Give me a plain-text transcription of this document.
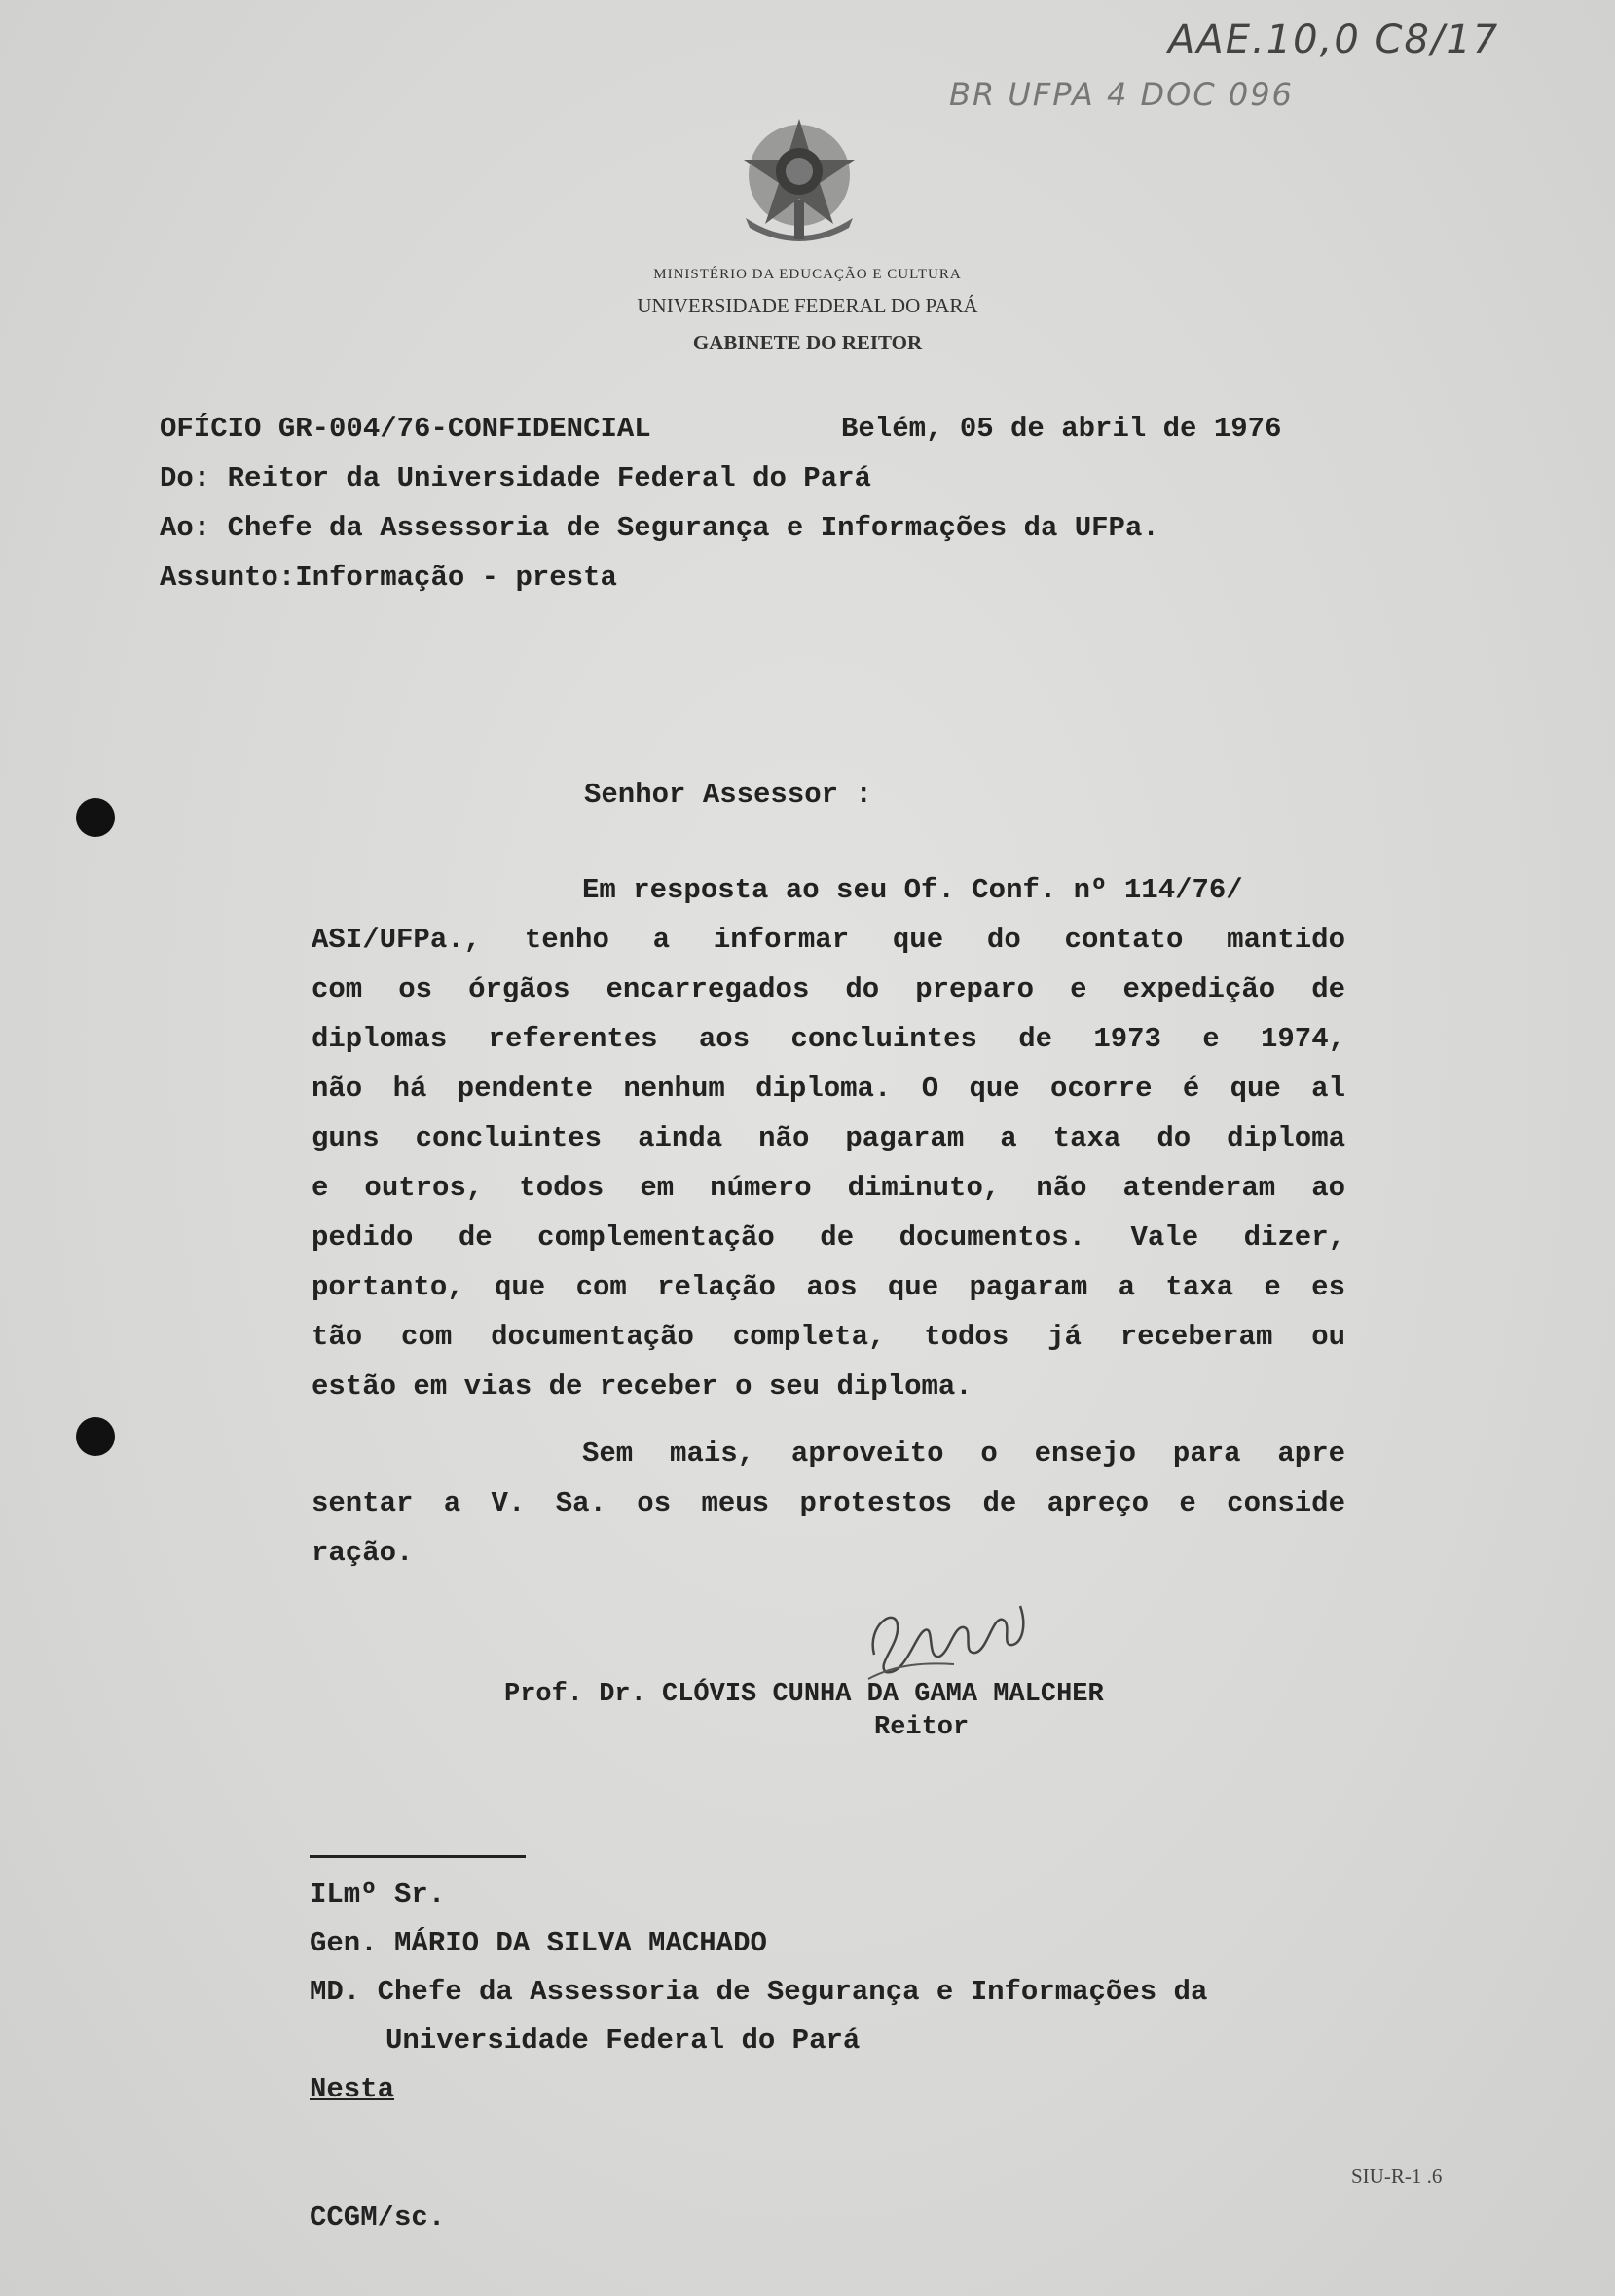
AAE.10,0 C8/17
BR UFPA 4 DOC 096
MINISTÉRIO DA EDUCAÇÃO E CULTURA
UNIVERSIDADE FEDERAL DO PARÁ
GABINETE DO REITOR
OFÍCIO GR-004/76-CONFIDENCIAL	Belém, 05 de abril de 1976
Do: Reitor da Universidade Federal do Pará
Ao: Chefe da Assessoria de Segurança e Informações da UFPa.
Assunto:Informação - presta
Senhor Assessor :
Em resposta ao seu Of. Conf. nº 114/76/
ASI/UFPa., tenho a informar que do contato mantido
com os órgãos encarregados do preparo e expedição de
diplomas referentes aos concluintes de 1973 e 1974,
não há pendente nenhum diploma. O que ocorre é que al
guns concluintes ainda não pagaram a taxa do diploma
e outros, todos em número diminuto, não atenderam ao
pedido de complementação de documentos. Vale dizer,
portanto, que com relação aos que pagaram a taxa e es
tão com documentação completa, todos já receberam ou
estão em vias de receber o seu diploma.
Sem mais, aproveito o ensejo para apre
sentar a V. Sa. os meus protestos de apreço e conside
ração.
Prof. Dr. CLÓVIS CUNHA DA GAMA MALCHER
Reitor
ILmº Sr.
Gen. MÁRIO DA SILVA MACHADO
MD. Chefe da Assessoria de Segurança e Informações da
Universidade Federal do Pará
Nesta
CCGM/sc.
SIU-R-1 .6
